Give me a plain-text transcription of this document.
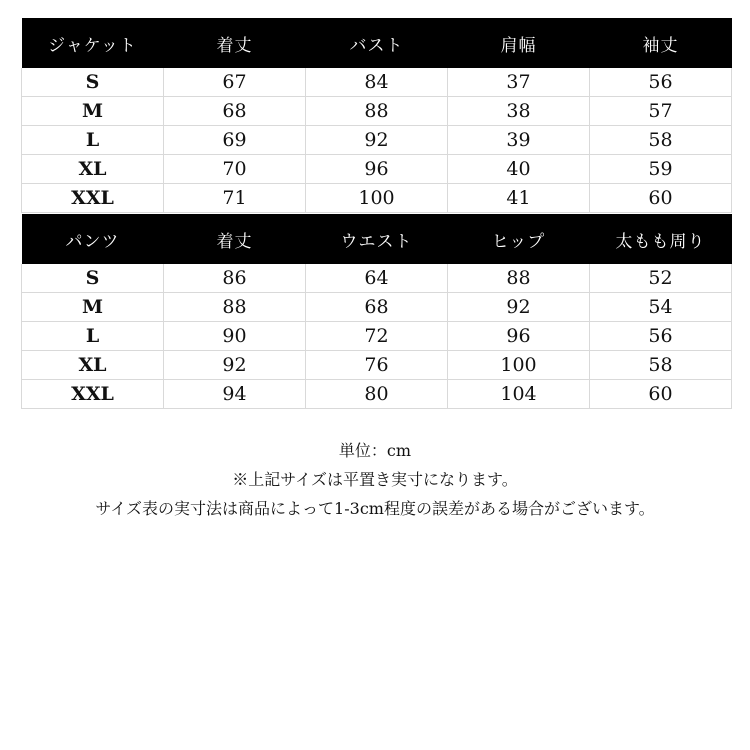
ジャケット	着丈	バスト	肩幅	袖丈
S	67	84	37	56
M	68	88	38	57
L	69	92	39	58
XL	70	96	40	59
XXL	71	100	41	60
パンツ	着丈	ウエスト	ヒップ	太もも周り
S	86	64	88	52
M	88	68	92	54
L	90	72	96	56
XL	92	76	100	58
XXL	94	80	104	60
単位：cm
※上記サイズは平置き実寸になります。
サイズ表の実寸法は商品によって1-3cm程度の誤差がある場合がございます。
